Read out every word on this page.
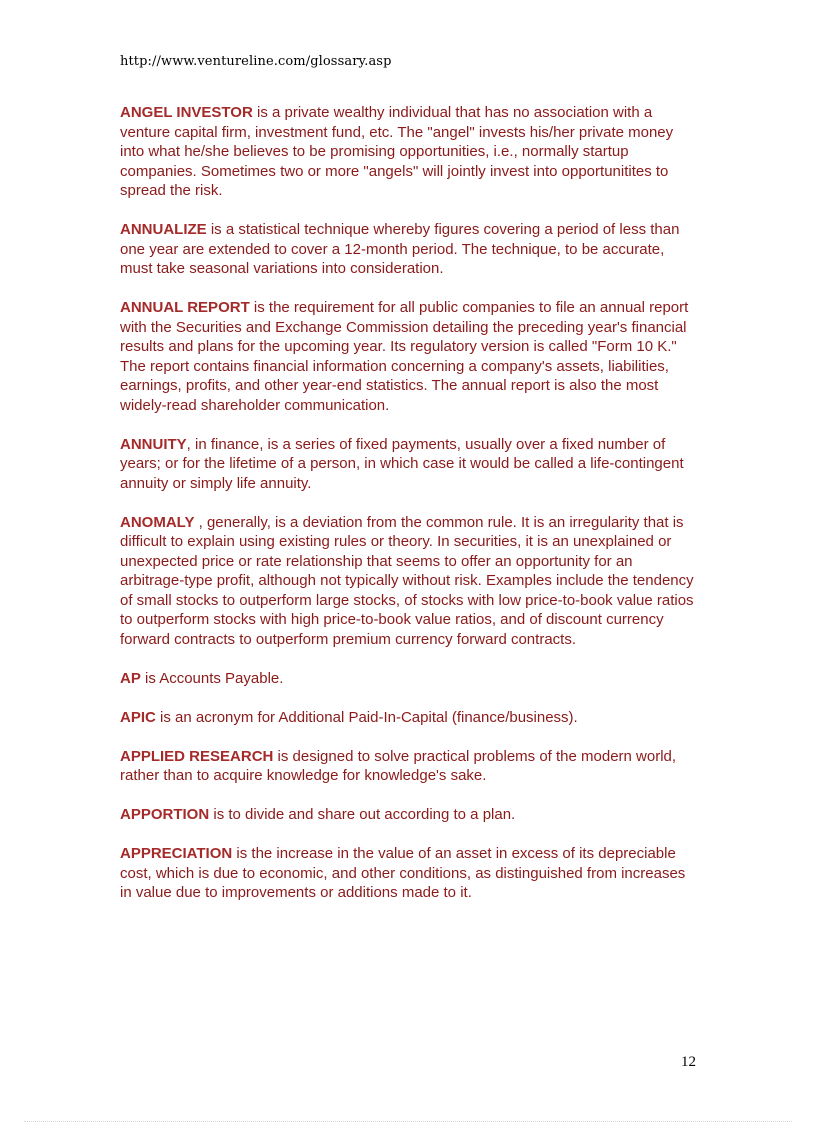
http://www.ventureline.com/glossary.asp

ANGEL INVESTOR is a private wealthy individual that has no association with a venture capital firm, investment fund, etc. The "angel" invests his/her private money into what he/she believes to be promising opportunities, i.e., normally startup companies. Sometimes two or more "angels" will jointly invest into opportunitites to spread the risk.

ANNUALIZE is a statistical technique whereby figures covering a period of less than one year are extended to cover a 12-month period. The technique, to be accurate, must take seasonal variations into consideration.

ANNUAL REPORT is the requirement for all public companies to file an annual report with the Securities and Exchange Commission detailing the preceding year's financial results and plans for the upcoming year. Its regulatory version is called "Form 10 K." The report contains financial information concerning a company's assets, liabilities, earnings, profits, and other year-end statistics. The annual report is also the most widely-read shareholder communication.

ANNUITY, in finance, is a series of fixed payments, usually over a fixed number of years; or for the lifetime of a person, in which case it would be called a life-contingent annuity or simply life annuity.

ANOMALY , generally, is a deviation from the common rule. It is an irregularity that is difficult to explain using existing rules or theory. In securities, it is an unexplained or unexpected price or rate relationship that seems to offer an opportunity for an arbitrage-type profit, although not typically without risk. Examples include the tendency of small stocks to outperform large stocks, of stocks with low price-to-book value ratios to outperform stocks with high price-to-book value ratios, and of discount currency forward contracts to outperform premium currency forward contracts.

AP is Accounts Payable.

APIC is an acronym for Additional Paid-In-Capital (finance/business).

APPLIED RESEARCH is designed to solve practical problems of the modern world, rather than to acquire knowledge for knowledge's sake.

APPORTION is to divide and share out according to a plan.

APPRECIATION is the increase in the value of an asset in excess of its depreciable cost, which is due to economic, and other conditions, as distinguished from increases in value due to improvements or additions made to it.

12
